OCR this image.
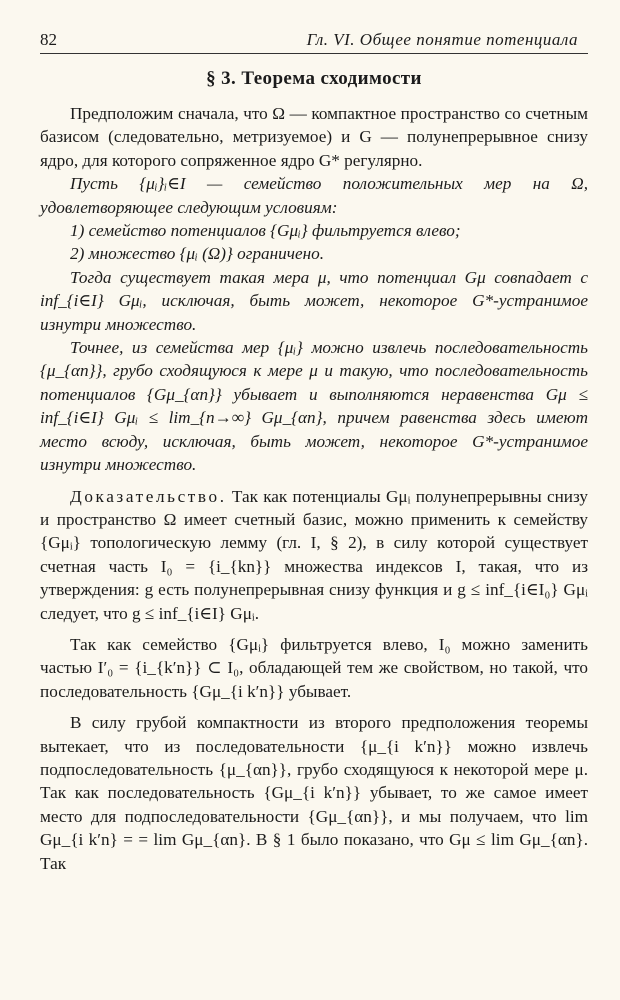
82	Гл. VI. Общее понятие потенциала
§ 3. Теорема сходимости

Предположим сначала, что Ω — компактное пространство со счетным базисом (следовательно, метризуемое) и G — полунепрерывное снизу ядро, для которого сопряженное ядро G* регулярно.

Пусть {μᵢ}ᵢ∈I — семейство положительных мер на Ω, удовлетворяющее следующим условиям:

1) семейство потенциалов {Gμᵢ} фильтруется влево;

2) множество {μᵢ (Ω)} ограничено.

Тогда существует такая мера μ, что потенциал Gμ совпадает с inf_{i∈I} Gμᵢ, исключая, быть может, некоторое G*-устранимое изнутри множество.

Точнее, из семейства мер {μᵢ} можно извлечь последовательность {μ_{αn}}, грубо сходящуюся к мере μ и такую, что последовательность потенциалов {Gμ_{αn}} убывает и выполняются неравенства Gμ ≤ inf_{i∈I} Gμᵢ ≤ lim_{n→∞} Gμ_{αn}, причем равенства здесь имеют место всюду, исключая, быть может, некоторое G*-устранимое изнутри множество.

Доказательство. Так как потенциалы Gμᵢ полунепрерывны снизу и пространство Ω имеет счетный базис, можно применить к семейству {Gμᵢ} топологическую лемму (гл. I, § 2), в силу которой существует счетная часть I₀ = {i_{kn}} множества индексов I, такая, что из утверждения: g есть полунепрерывная снизу функция и g ≤ inf_{i∈I₀} Gμᵢ следует, что g ≤ inf_{i∈I} Gμᵢ.

Так как семейство {Gμᵢ} фильтруется влево, I₀ можно заменить частью I′₀ = {i_{k′n}} ⊂ I₀, обладающей тем же свойством, но такой, что последовательность {Gμ_{i k′n}} убывает.

В силу грубой компактности из второго предположения теоремы вытекает, что из последовательности {μ_{i k′n}} можно извлечь подпоследовательность {μ_{αn}}, грубо сходящуюся к некоторой мере μ. Так как последовательность {Gμ_{i k′n}} убывает, то же самое имеет место для подпоследовательности {Gμ_{αn}}, и мы получаем, что lim Gμ_{i k′n} = = lim Gμ_{αn}. В § 1 было показано, что Gμ ≤ lim Gμ_{αn}. Так
